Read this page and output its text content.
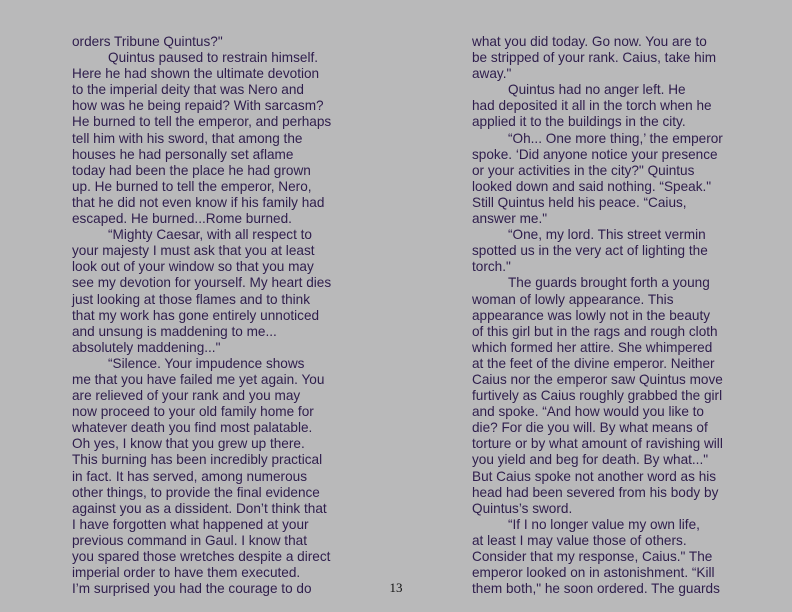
orders Tribune Quintus?"
Quintus paused to restrain himself.
Here he had shown the ultimate devotion
to the imperial deity that was Nero and
how was he being repaid? With sarcasm?
He burned to tell the emperor, and perhaps
tell him with his sword, that among the
houses he had personally set aflame
today had been the place he had grown
up. He burned to tell the emperor, Nero,
that he did not even know if his family had
escaped. He burned...Rome burned.
“Mighty Caesar, with all respect to
your majesty I must ask that you at least
look out of your window so that you may
see my devotion for yourself. My heart dies
just looking at those flames and to think
that my work has gone entirely unnoticed
and unsung is maddening to me...
absolutely maddening..."
“Silence. Your impudence shows
me that you have failed me yet again. You
are relieved of your rank and you may
now proceed to your old family home for
whatever death you find most palatable.
Oh yes, I know that you grew up there.
This burning has been incredibly practical
in fact. It has served, among numerous
other things, to provide the final evidence
against you as a dissident. Don’t think that
I have forgotten what happened at your
previous command in Gaul. I know that
you spared those wretches despite a direct
imperial order to have them executed.
I’m surprised you had the courage to do
what you did today. Go now. You are to
be stripped of your rank. Caius, take him
away."
Quintus had no anger left. He
had deposited it all in the torch when he
applied it to the buildings in the city.
“Oh... One more thing,’ the emperor
spoke. ‘Did anyone notice your presence
or your activities in the city?" Quintus
looked down and said nothing. “Speak."
Still Quintus held his peace. “Caius,
answer me."
“One, my lord. This street vermin
spotted us in the very act of lighting the
torch."
The guards brought forth a young
woman of lowly appearance. This
appearance was lowly not in the beauty
of this girl but in the rags and rough cloth
which formed her attire. She whimpered
at the feet of the divine emperor. Neither
Caius nor the emperor saw Quintus move
furtively as Caius roughly grabbed the girl
and spoke. “And how would you like to
die? For die you will. By what means of
torture or by what amount of ravishing will
you yield and beg for death. By what..."
But Caius spoke not another word as his
head had been severed from his body by
Quintus’s sword.
“If I no longer value my own life,
at least I may value those of others.
Consider that my response, Caius." The
emperor looked on in astonishment. “Kill
them both," he soon ordered. The guards
13
